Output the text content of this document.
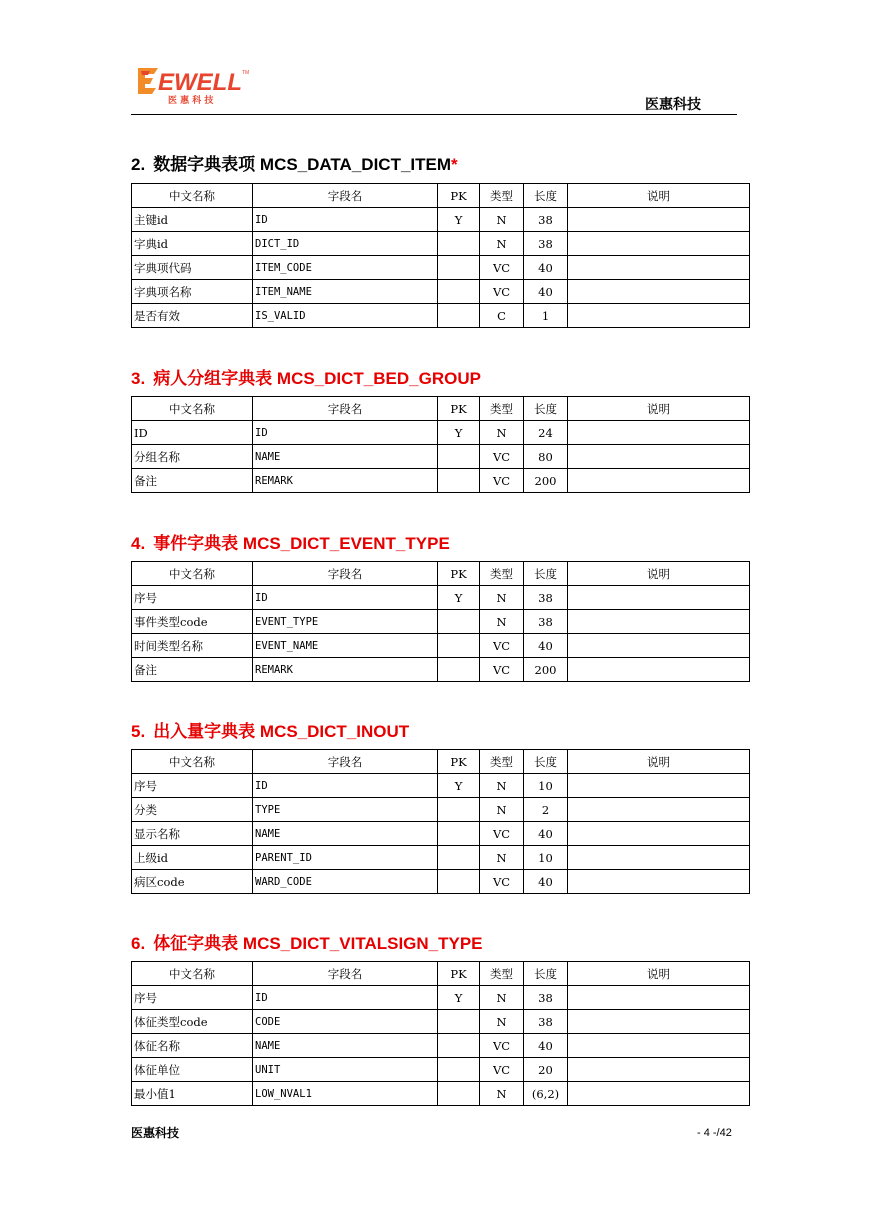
EWELL TM
医 惠 科 技	医惠科技
2. 数据字典表项 MCS_DATA_DICT_ITEM*
中文名称	字段名	PK	类型	长度	说明
主键id	ID	Y	N	38	
字典id	DICT_ID		N	38	
字典项代码	ITEM_CODE		VC	40	
字典项名称	ITEM_NAME		VC	40	
是否有效	IS_VALID		C	1	
3. 病人分组字典表 MCS_DICT_BED_GROUP
中文名称	字段名	PK	类型	长度	说明
ID	ID	Y	N	24	
分组名称	NAME		VC	80	
备注	REMARK		VC	200	
4. 事件字典表 MCS_DICT_EVENT_TYPE
中文名称	字段名	PK	类型	长度	说明
序号	ID	Y	N	38	
事件类型code	EVENT_TYPE		N	38	
时间类型名称	EVENT_NAME		VC	40	
备注	REMARK		VC	200	
5. 出入量字典表 MCS_DICT_INOUT
中文名称	字段名	PK	类型	长度	说明
序号	ID	Y	N	10	
分类	TYPE		N	2	
显示名称	NAME		VC	40	
上级id	PARENT_ID		N	10	
病区code	WARD_CODE		VC	40	
6. 体征字典表 MCS_DICT_VITALSIGN_TYPE
中文名称	字段名	PK	类型	长度	说明
序号	ID	Y	N	38	
体征类型code	CODE		N	38	
体征名称	NAME		VC	40	
体征单位	UNIT		VC	20	
最小值1	LOW_NVAL1		N	(6,2)	
医惠科技	- 4 -/42
